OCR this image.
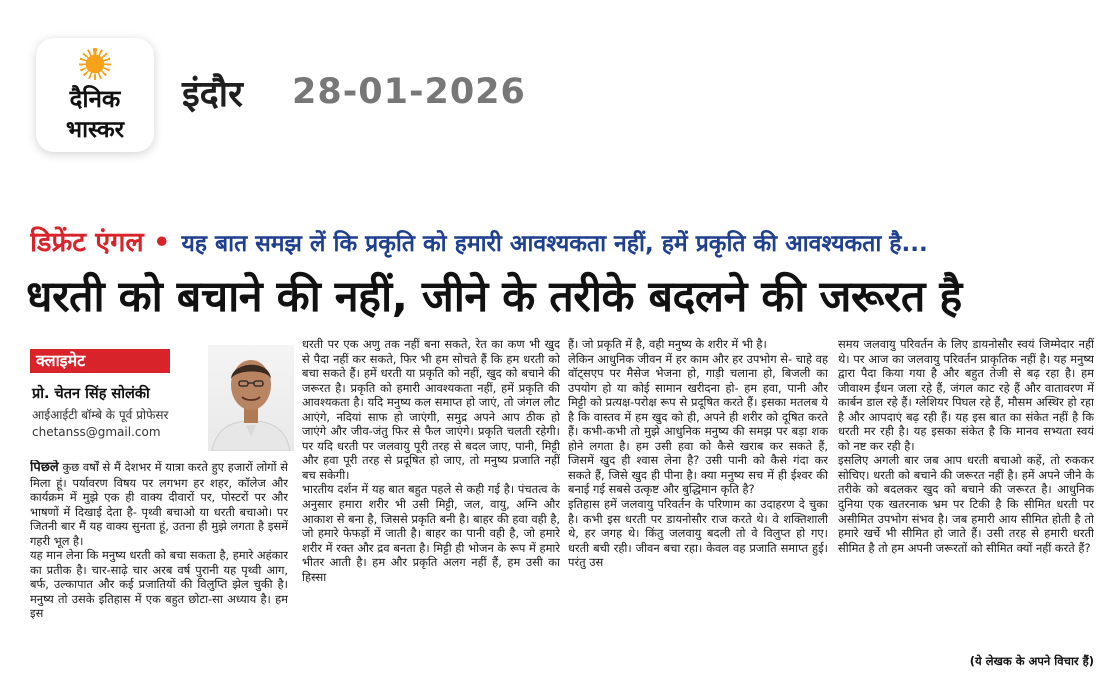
दैनिक
भास्कर
इंदौर 28-01-2026
डिफ्रेंट एंगल • यह बात समझ लें कि प्रकृति को हमारी आवश्यकता नहीं, हमें प्रकृति की आवश्यकता है...
धरती को बचाने की नहीं, जीने के तरीके बदलने की जरूरत है
क्लाइमेट
प्रो. चेतन सिंह सोलंकी
आईआईटी बॉम्बे के पूर्व प्रोफेसर
chetanss@gmail.com
पिछले कुछ वर्षों से मैं देशभर में यात्रा करते हुए हजारों लोगों से मिला हूं। पर्यावरण विषय पर लगभग हर शहर, कॉलेज और कार्यक्रम में मुझे एक ही वाक्य दीवारों पर, पोस्टरों पर और भाषणों में दिखाई देता है- पृथ्वी बचाओ या धरती बचाओ। पर जितनी बार मैं यह वाक्य सुनता हूं, उतना ही मुझे लगता है इसमें गहरी भूल है।
यह मान लेना कि मनुष्य धरती को बचा सकता है, हमारे अहंकार का प्रतीक है। चार-साढ़े चार अरब वर्ष पुरानी यह पृथ्वी आग, बर्फ, उल्कापात और कई प्रजातियों की विलुप्ति झेल चुकी है। मनुष्य तो उसके इतिहास में एक बहुत छोटा-सा अध्याय है। हम इस
धरती पर एक अणु तक नहीं बना सकते, रेत का कण भी खुद से पैदा नहीं कर सकते, फिर भी हम सोचते हैं कि हम धरती को बचा सकते हैं। हमें धरती या प्रकृति को नहीं, खुद को बचाने की जरूरत है। प्रकृति को हमारी आवश्यकता नहीं, हमें प्रकृति की आवश्यकता है। यदि मनुष्य कल समाप्त हो जाएं, तो जंगल लौट आएंगे, नदियां साफ हो जाएंगी, समुद्र अपने आप ठीक हो जाएंगे और जीव-जंतु फिर से फैल जाएंगे। प्रकृति चलती रहेगी। पर यदि धरती पर जलवायु पूरी तरह से बदल जाए, पानी, मिट्टी और हवा पूरी तरह से प्रदूषित हो जाए, तो मनुष्य प्रजाति नहीं बच सकेगी।
भारतीय दर्शन में यह बात बहुत पहले से कही गई है। पंचतत्व के अनुसार हमारा शरीर भी उसी मिट्टी, जल, वायु, अग्नि और आकाश से बना है, जिससे प्रकृति बनी है। बाहर की हवा वही है, जो हमारे फेफड़ों में जाती है। बाहर का पानी वही है, जो हमारे शरीर में रक्त और द्रव बनता है। मिट्टी ही भोजन के रूप में हमारे भीतर आती है। हम और प्रकृति अलग नहीं हैं, हम उसी का हिस्सा
हैं। जो प्रकृति में है, वही मनुष्य के शरीर में भी है।
लेकिन आधुनिक जीवन में हर काम और हर उपभोग से- चाहे वह वॉट्सएप पर मैसेज भेजना हो, गाड़ी चलाना हो, बिजली का उपयोग हो या कोई सामान खरीदना हो- हम हवा, पानी और मिट्टी को प्रत्यक्ष-परोक्ष रूप से प्रदूषित करते हैं। इसका मतलब ये है कि वास्तव में हम खुद को ही, अपने ही शरीर को दूषित करते हैं। कभी-कभी तो मुझे आधुनिक मनुष्य की समझ पर बड़ा शक होने लगता है। हम उसी हवा को कैसे खराब कर सकते हैं, जिसमें खुद ही श्वास लेना है? उसी पानी को कैसे गंदा कर सकते हैं, जिसे खुद ही पीना है। क्या मनुष्य सच में ही ईश्वर की बनाई गई सबसे उत्कृष्ट और बुद्धिमान कृति है?
इतिहास हमें जलवायु परिवर्तन के परिणाम का उदाहरण दे चुका है। कभी इस धरती पर डायनोसौर राज करते थे। वे शक्तिशाली थे, हर जगह थे। किंतु जलवायु बदली तो वे विलुप्त हो गए। धरती बची रही। जीवन बचा रहा। केवल वह प्रजाति समाप्त हुई। परंतु उस
समय जलवायु परिवर्तन के लिए डायनोसौर स्वयं जिम्मेदार नहीं थे। पर आज का जलवायु परिवर्तन प्राकृतिक नहीं है। यह मनुष्य द्वारा पैदा किया गया है और बहुत तेजी से बढ़ रहा है। हम जीवाश्म ईंधन जला रहे हैं, जंगल काट रहे हैं और वातावरण में कार्बन डाल रहे हैं। ग्लेशियर पिघल रहे हैं, मौसम अस्थिर हो रहा है और आपदाएं बढ़ रही हैं। यह इस बात का संकेत नहीं है कि धरती मर रही है। यह इसका संकेत है कि मानव सभ्यता स्वयं को नष्ट कर रही है।
इसलिए अगली बार जब आप धरती बचाओ कहें, तो रुककर सोचिए। धरती को बचाने की जरूरत नहीं है। हमें अपने जीने के तरीके को बदलकर खुद को बचाने की जरूरत है। आधुनिक दुनिया एक खतरनाक भ्रम पर टिकी है कि सीमित धरती पर असीमित उपभोग संभव है। जब हमारी आय सीमित होती है तो हमारे खर्चे भी सीमित हो जाते हैं। उसी तरह से हमारी धरती सीमित है तो हम अपनी जरूरतों को सीमित क्यों नहीं करते हैं?
(ये लेखक के अपने विचार हैं)
